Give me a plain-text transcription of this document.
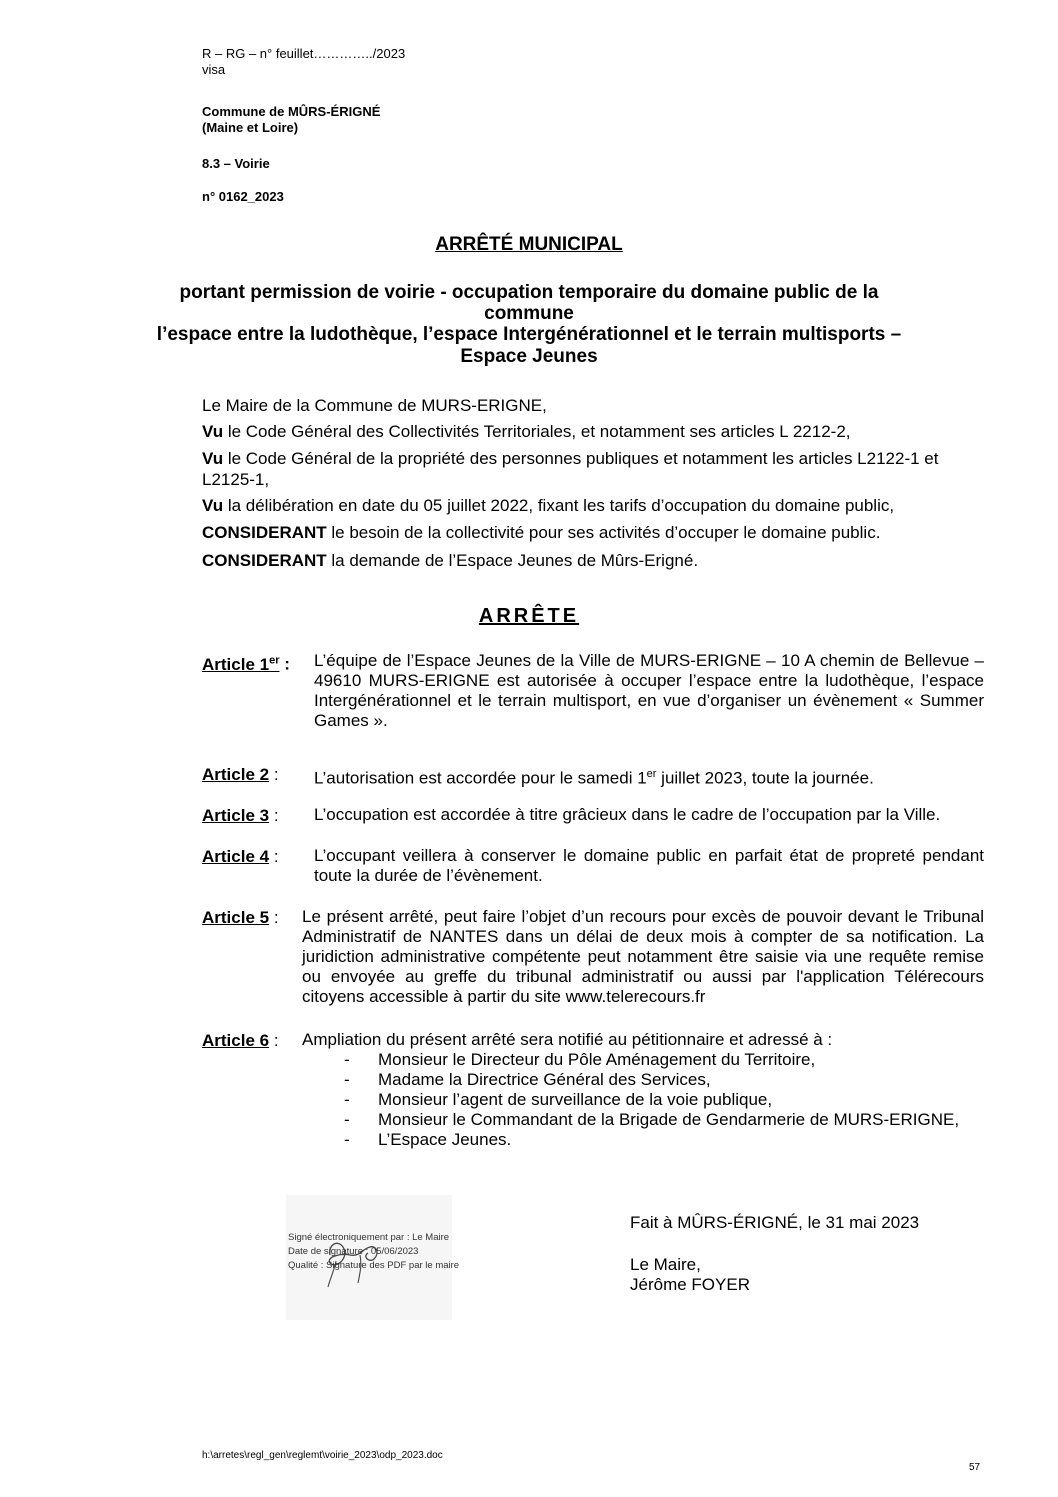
R – RG – n° feuillet…………../2023
visa
Commune de MÛRS-ÉRIGNÉ
(Maine et Loire)
8.3 – Voirie
n° 0162_2023
ARRÊTÉ MUNICIPAL
portant permission de voirie - occupation temporaire du domaine public de la
commune
l’espace entre la ludothèque, l’espace Intergénérationnel et le terrain multisports –
Espace Jeunes
Le Maire de la Commune de MURS-ERIGNE,
Vu le Code Général des Collectivités Territoriales, et notamment ses articles L 2212-2,
Vu le Code Général de la propriété des personnes publiques et notamment les articles L2122-1 et L2125-1,
Vu la délibération en date du 05 juillet 2022, fixant les tarifs d’occupation du domaine public,
CONSIDERANT le besoin de la collectivité pour ses activités d’occuper le domaine public.
CONSIDERANT la demande de l’Espace Jeunes de Mûrs-Erigné.
ARRÊTE
Article 1er : L’équipe de l’Espace Jeunes de la Ville de MURS-ERIGNE – 10 A chemin de Bellevue – 49610 MURS-ERIGNE est autorisée à occuper l’espace entre la ludothèque, l’espace Intergénérationnel et le terrain multisport, en vue d’organiser un évènement « Summer Games ».
Article 2 : L’autorisation est accordée pour le samedi 1er juillet 2023, toute la journée.
Article 3 : L’occupation est accordée à titre grâcieux dans le cadre de l’occupation par la Ville.
Article 4 : L’occupant veillera à conserver le domaine public en parfait état de propreté pendant toute la durée de l’évènement.
Article 5 : Le présent arrêté, peut faire l’objet d’un recours pour excès de pouvoir devant le Tribunal Administratif de NANTES dans un délai de deux mois à compter de sa notification. La juridiction administrative compétente peut notamment être saisie via une requête remise ou envoyée au greffe du tribunal administratif ou aussi par l'application Télérecours citoyens accessible à partir du site www.telerecours.fr
Article 6 : Ampliation du présent arrêté sera notifié au pétitionnaire et adressé à :
- Monsieur le Directeur du Pôle Aménagement du Territoire,
- Madame la Directrice Général des Services,
- Monsieur l’agent de surveillance de la voie publique,
- Monsieur le Commandant de la Brigade de Gendarmerie de MURS-ERIGNE,
- L’Espace Jeunes.
Signé électroniquement par : Le Maire
Date de signature : 05/06/2023
Qualité : Signature des PDF par le maire
Fait à MÛRS-ÉRIGNÉ, le 31 mai 2023
Le Maire,
Jérôme FOYER
h:\arretes\regl_gen\reglemt\voirie_2023\odp_2023.doc
57
